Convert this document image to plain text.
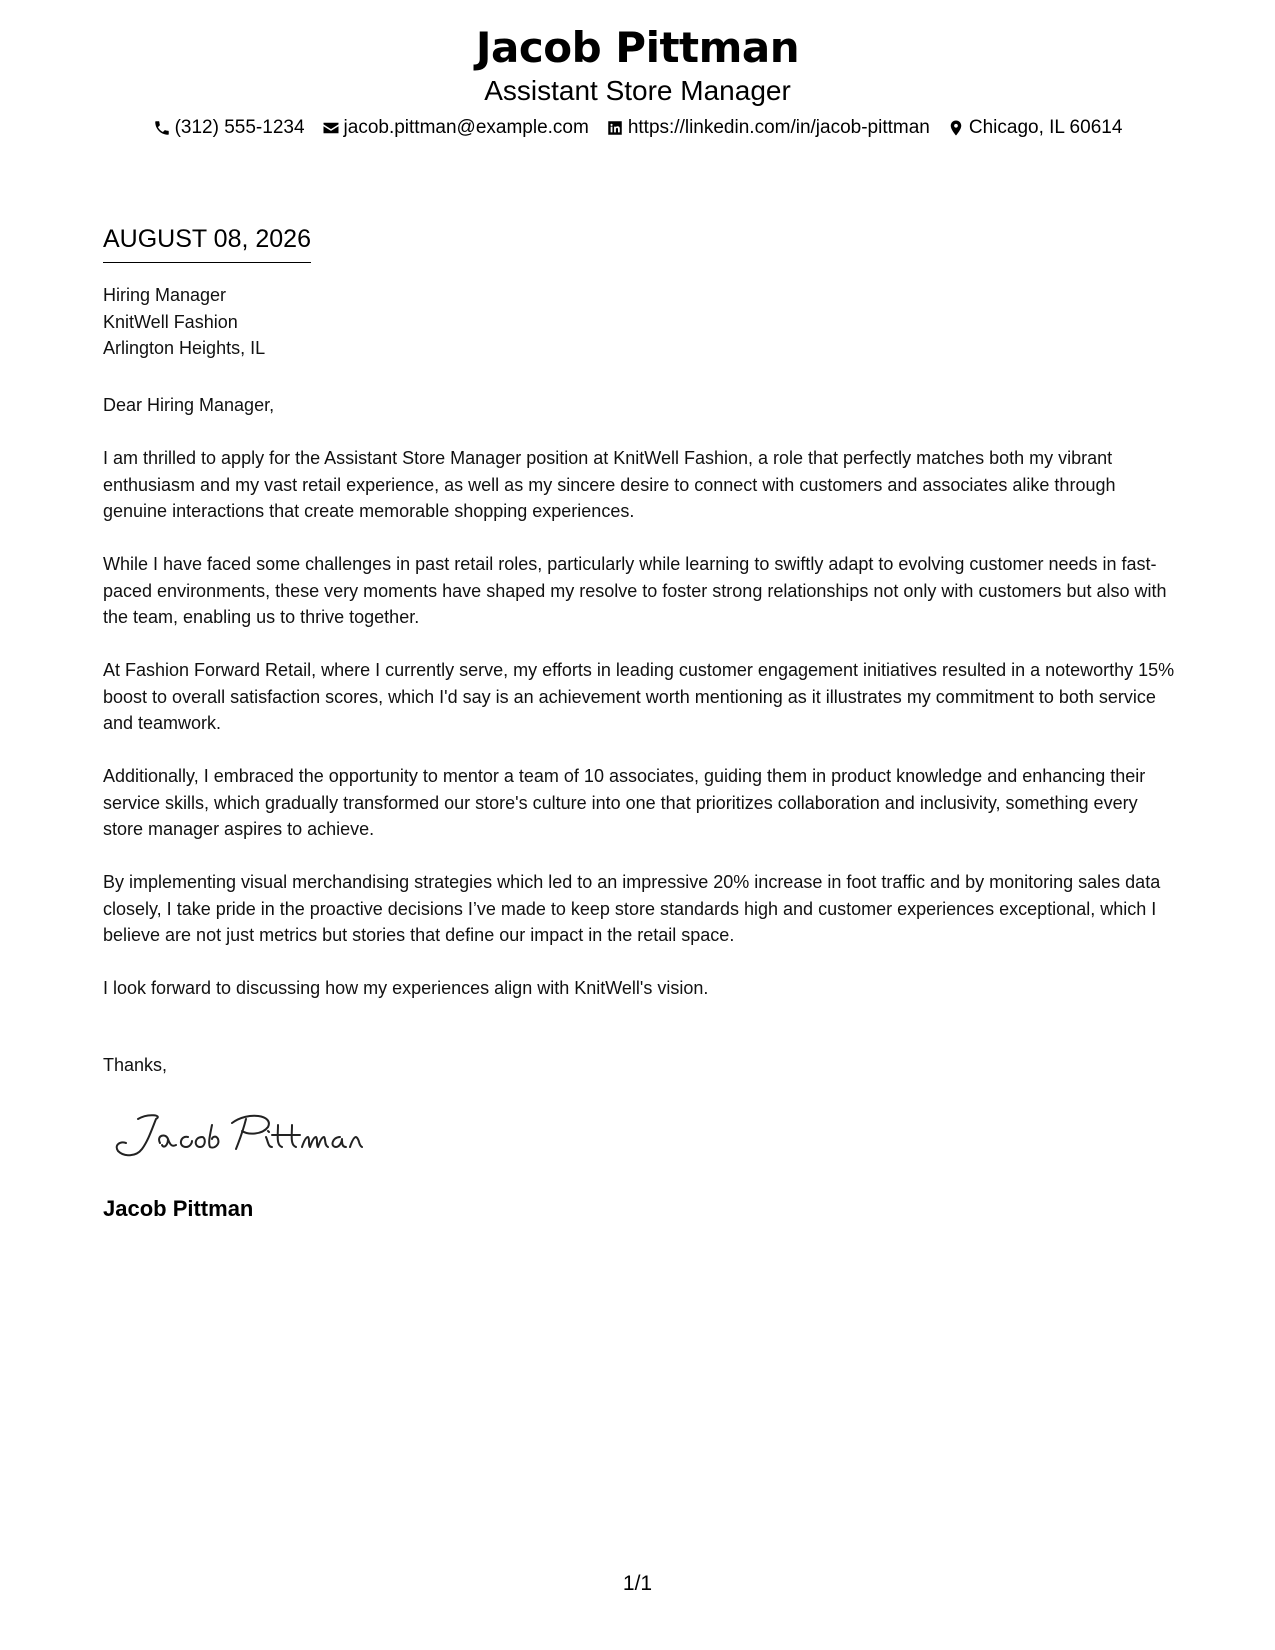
Jacob Pittman
Assistant Store Manager
(312) 555-1234 jacob.pittman@example.com https://linkedin.com/in/jacob-pittman Chicago, IL 60614
AUGUST 08, 2026
Hiring Manager
KnitWell Fashion
Arlington Heights, IL
Dear Hiring Manager,

I am thrilled to apply for the Assistant Store Manager position at KnitWell Fashion, a role that perfectly matches both my vibrant enthusiasm and my vast retail experience, as well as my sincere desire to connect with customers and associates alike through genuine interactions that create memorable shopping experiences.

While I have faced some challenges in past retail roles, particularly while learning to swiftly adapt to evolving customer needs in fast-paced environments, these very moments have shaped my resolve to foster strong relationships not only with customers but also with the team, enabling us to thrive together.

At Fashion Forward Retail, where I currently serve, my efforts in leading customer engagement initiatives resulted in a noteworthy 15% boost to overall satisfaction scores, which I'd say is an achievement worth mentioning as it illustrates my commitment to both service and teamwork.

Additionally, I embraced the opportunity to mentor a team of 10 associates, guiding them in product knowledge and enhancing their service skills, which gradually transformed our store's culture into one that prioritizes collaboration and inclusivity, something every store manager aspires to achieve.

By implementing visual merchandising strategies which led to an impressive 20% increase in foot traffic and by monitoring sales data closely, I take pride in the proactive decisions I’ve made to keep store standards high and customer experiences exceptional, which I believe are not just metrics but stories that define our impact in the retail space.

I look forward to discussing how my experiences align with KnitWell's vision.

Thanks,
Jacob Pittman
1/1
